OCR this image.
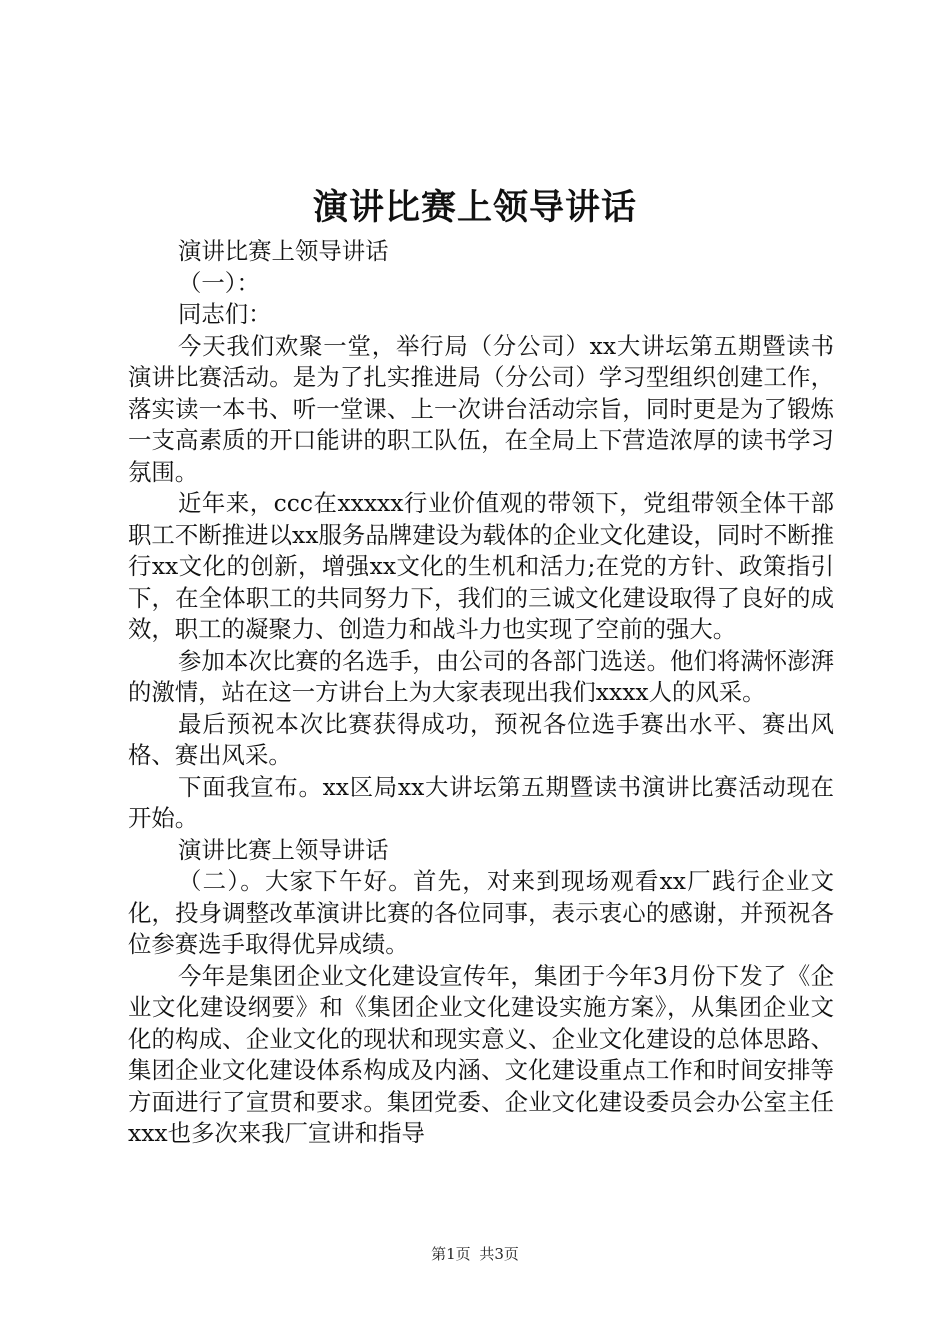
演讲比赛上领导讲话

演讲比赛上领导讲话

（一）：

同志们：

今天我们欢聚一堂，举行局（分公司）xx大讲坛第五期暨读书演讲比赛活动。是为了扎实推进局（分公司）学习型组织创建工作，落实读一本书、听一堂课、上一次讲台活动宗旨，同时更是为了锻炼一支高素质的开口能讲的职工队伍，在全局上下营造浓厚的读书学习氛围。

近年来，ccc在xxxxx行业价值观的带领下，党组带领全体干部职工不断推进以xx服务品牌建设为载体的企业文化建设，同时不断推行xx文化的创新，增强xx文化的生机和活力;在党的方针、政策指引下，在全体职工的共同努力下，我们的三诚文化建设取得了良好的成效，职工的凝聚力、创造力和战斗力也实现了空前的强大。

参加本次比赛的名选手，由公司的各部门选送。他们将满怀澎湃的激情，站在这一方讲台上为大家表现出我们xxxx人的风采。

最后预祝本次比赛获得成功，预祝各位选手赛出水平、赛出风格、赛出风采。

下面我宣布。xx区局xx大讲坛第五期暨读书演讲比赛活动现在开始。

演讲比赛上领导讲话

（二）。大家下午好。首先，对来到现场观看xx厂践行企业文化，投身调整改革演讲比赛的各位同事，表示衷心的感谢，并预祝各位参赛选手取得优异成绩。

今年是集团企业文化建设宣传年，集团于今年3月份下发了《企业文化建设纲要》和《集团企业文化建设实施方案》，从集团企业文化的构成、企业文化的现状和现实意义、企业文化建设的总体思路、集团企业文化建设体系构成及内涵、文化建设重点工作和时间安排等方面进行了宣贯和要求。集团党委、企业文化建设委员会办公室主任xxx也多次来我厂宣讲和指导

第1页 共3页
